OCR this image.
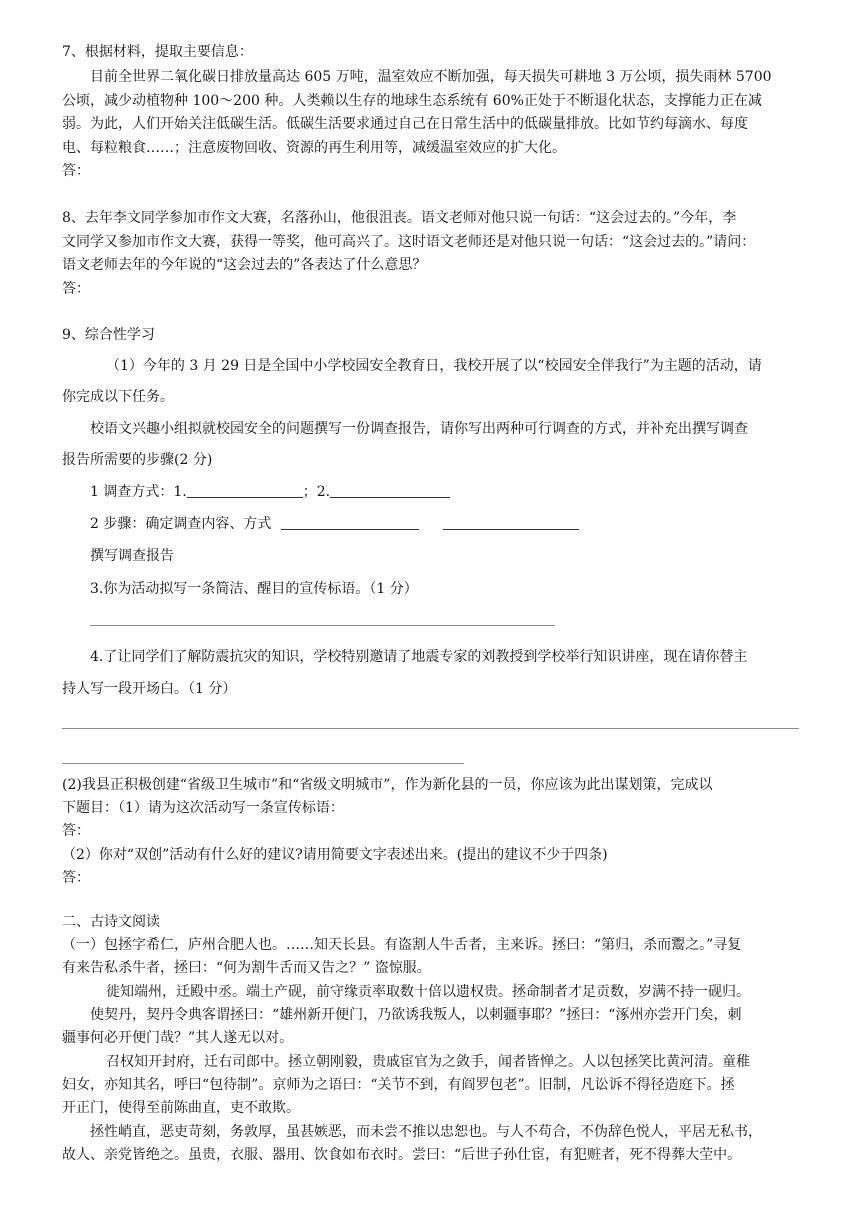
7、根据材料，提取主要信息：
目前全世界二氧化碳日排放量高达 605 万吨，温室效应不断加强，每天损失可耕地 3 万公顷，损失雨林 5700
公顷，减少动植物种 100～200 种。人类赖以生存的地球生态系统有 60%正处于不断退化状态，支撑能力正在减
弱。为此，人们开始关注低碳生活。低碳生活要求通过自己在日常生活中的低碳量排放。比如节约每滴水、每度
电、每粒粮食……；注意废物回收、资源的再生利用等，减缓温室效应的扩大化。
答：
8、去年李文同学参加市作文大赛，名落孙山，他很沮丧。语文老师对他只说一句话：“这会过去的。”今年，李
文同学又参加市作文大赛，获得一等奖，他可高兴了。这时语文老师还是对他只说一句话：“这会过去的。”请问：
语文老师去年的今年说的“这会过去的”各表达了什么意思？
答：
9、综合性学习
（1）今年的 3 月 29 日是全国中小学校园安全教育日，我校开展了以“校园安全伴我行”为主题的活动，请
你完成以下任务。
校语文兴趣小组拟就校园安全的问题撰写一份调查报告，请你写出两种可行调查的方式，并补充出撰写调查
报告所需要的步骤(2 分)
1 调查方式：1.	；2.
2 步骤：确定调查内容、方式
撰写调查报告
3.你为活动拟写一条简洁、醒目的宣传标语。（1 分）
4.了让同学们了解防震抗灾的知识，学校特别邀请了地震专家的刘教授到学校举行知识讲座，现在请你替主
持人写一段开场白。（1 分）
(2)我县正积极创建“省级卫生城市”和“省级文明城市”，作为新化县的一员，你应该为此出谋划策，完成以
下题目：（1）请为这次活动写一条宣传标语：
答：
（2）你对“双创”活动有什么好的建议?请用简要文字表述出来。(提出的建议不少于四条)
答：
二、古诗文阅读
（一）包拯字希仁，庐州合肥人也。……知天长县。有盗割人牛舌者，主来诉。拯曰：“第归，杀而鬻之。”寻复
有来告私杀牛者，拯曰：“何为割牛舌而又告之？” 盗惊服。
徙知端州，迁殿中丞。端土产砚，前守缘贡率取数十倍以遗权贵。拯命制者才足贡数，岁满不持一砚归。
使契丹，契丹令典客谓拯曰：“雄州新开便门，乃欲诱我叛人，以刺疆事耶？”拯曰：“涿州亦尝开门矣，刺
疆事何必开便门哉？”其人遂无以对。
召权知开封府，迁右司郎中。拯立朝刚毅，贵戚宦官为之敛手，闻者皆惮之。人以包拯笑比黄河清。童稚
妇女，亦知其名，呼曰“包待制”。京师为之语曰：“关节不到，有阎罗包老”。旧制，凡讼诉不得径造庭下。拯
开正门，使得至前陈曲直，吏不敢欺。
拯性峭直，恶吏苛刻，务敦厚，虽甚嫉恶，而未尝不推以忠恕也。与人不苟合，不伪辞色悦人，平居无私书，
故人、亲党皆绝之。虽贵，衣服、器用、饮食如布衣时。尝曰：“后世子孙仕宦，有犯赃者，死不得葬大茔中。
